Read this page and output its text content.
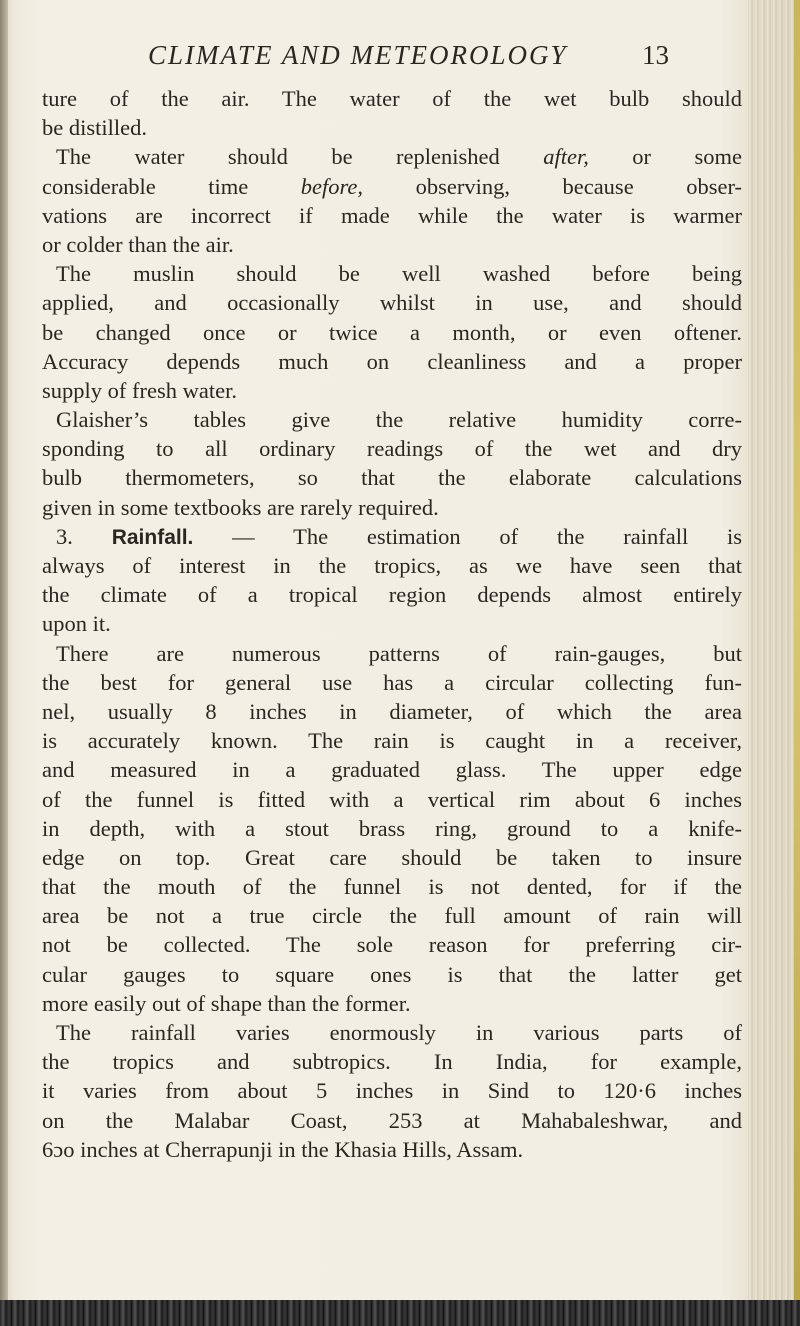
CLIMATE AND METEOROLOGY	13
ture of the air. The water of the wet bulb should
be distilled.
The water should be replenished after, or some
considerable time before, observing, because obser-
vations are incorrect if made while the water is warmer
or colder than the air.
The muslin should be well washed before being
applied, and occasionally whilst in use, and should
be changed once or twice a month, or even oftener.
Accuracy depends much on cleanliness and a proper
supply of fresh water.
Glaisher’s tables give the relative humidity corre-
sponding to all ordinary readings of the wet and dry
bulb thermometers, so that the elaborate calculations
given in some textbooks are rarely required.
3. Rainfall. — The estimation of the rainfall is
always of interest in the tropics, as we have seen that
the climate of a tropical region depends almost entirely
upon it.
There are numerous patterns of rain-gauges, but
the best for general use has a circular collecting fun-
nel, usually 8 inches in diameter, of which the area
is accurately known. The rain is caught in a receiver,
and measured in a graduated glass. The upper edge
of the funnel is fitted with a vertical rim about 6 inches
in depth, with a stout brass ring, ground to a knife-
edge on top. Great care should be taken to insure
that the mouth of the funnel is not dented, for if the
area be not a true circle the full amount of rain will
not be collected. The sole reason for preferring cir-
cular gauges to square ones is that the latter get
more easily out of shape than the former.
The rainfall varies enormously in various parts of
the tropics and subtropics. In India, for example,
it varies from about 5 inches in Sind to 120·6 inches
on the Malabar Coast, 253 at Mahabaleshwar, and
6ɔo inches at Cherrapunji in the Khasia Hills, Assam.
